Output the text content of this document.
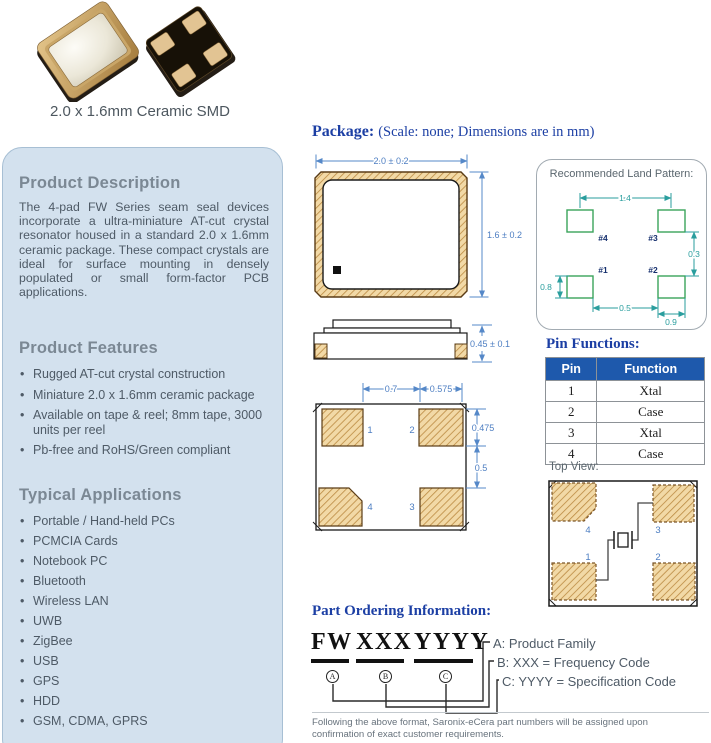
2.0 x 1.6mm Ceramic SMD
Product Description
The 4-pad FW Series seam seal devices incorporate a ultra-miniature AT-cut crystal resonator housed in a standard 2.0 x 1.6mm ceramic package. These compact crystals are ideal for surface mounting in densely populated or small form-factor PCB applications.
Product Features
• Rugged AT-cut crystal construction
• Miniature 2.0 x 1.6mm ceramic package
• Available on tape & reel; 8mm tape, 3000 units per reel
• Pb-free and RoHS/Green compliant
Typical Applications
• Portable / Hand-held PCs
• PCMCIA Cards
• Notebook PC
• Bluetooth
• Wireless LAN
• UWB
• ZigBee
• USB
• GPS
• HDD
• GSM, CDMA, GPRS
Package: (Scale: none; Dimensions are in mm)
2.0 ± 0.2
1.6 ± 0.2
0.45 ± 0.1
0.7	0.575
1	2
4	3
0.475
0.5
Recommended Land Pattern:
#4	#3
#1	#2
1.4
0.3
0.8
0.5
0.9
Pin Functions:
Pin	Function
1	Xtal
2	Case
3	Xtal
4	Case
Top View:
4	3
1	2
Part Ordering Information:
FW XXX YYYY
A	B	C
A: Product Family
B: XXX = Frequency Code
C: YYYY = Specification Code
Following the above format, Saronix-eCera part numbers will be assigned upon confirmation of exact customer requirements.
